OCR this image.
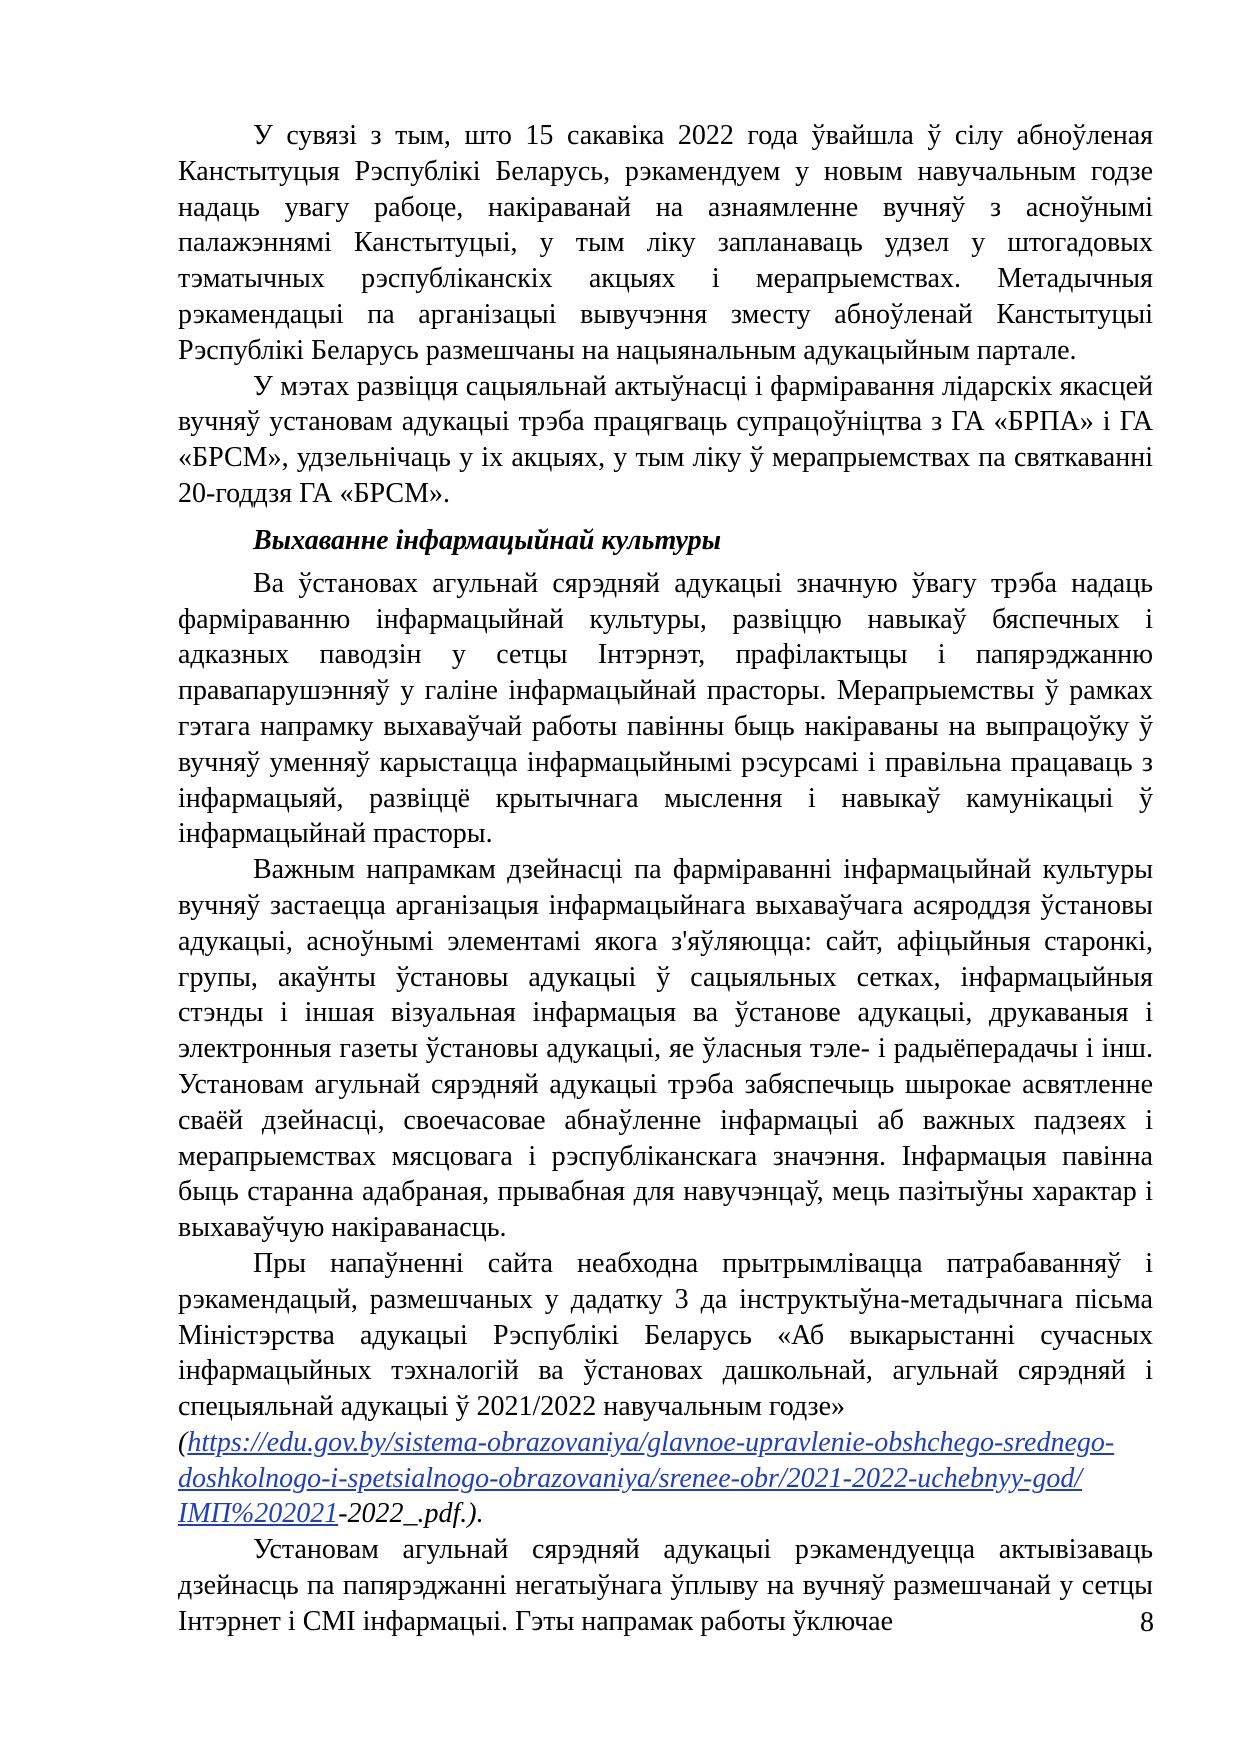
У сувязі з тым, што 15 сакавіка 2022 года ўвайшла ў сілу абноўленая Канстытуцыя Рэспублікі Беларусь, рэкамендуем у новым навучальным годзе надаць увагу рабоце, накіраванай на азнаямленне вучняў з асноўнымі палажэннямі Канстытуцыі, у тым ліку запланаваць удзел у штогадовых тэматычных рэспубліканскіх акцыях і мерапрыемствах. Метадычныя рэкамендацыі па арганізацыі вывучэння зместу абноўленай Канстытуцыі Рэспублікі Беларусь размешчаны на нацыянальным адукацыйным партале.

У мэтах развіцця сацыяльнай актыўнасці і фарміравання лідарскіх якасцей вучняў установам адукацыі трэба працягваць супрацоўніцтва з ГА «БРПА» і ГА «БРСМ», удзельнічаць у іх акцыях, у тым ліку ў мерапрыемствах па святкаванні 20-годдзя ГА «БРСМ».

Выхаванне інфармацыйнай культуры

Ва ўстановах агульнай сярэдняй адукацыі значную ўвагу трэба надаць фарміраванню інфармацыйнай культуры, развіццю навыкаў бяспечных і адказных паводзін у сетцы Інтэрнэт, прафілактыцы і папярэджанню правапарушэнняў у галіне інфармацыйнай прасторы. Мерапрыемствы ў рамках гэтага напрамку выхаваўчай работы павінны быць накіраваны на выпрацоўку ў вучняў уменняў карыстацца інфармацыйнымі рэсурсамі і правільна працаваць з інфармацыяй, развіццё крытычнага мыслення і навыкаў камунікацыі ў інфармацыйнай прасторы.

Важным напрамкам дзейнасці па фарміраванні інфармацыйнай культуры вучняў застаецца арганізацыя інфармацыйнага выхаваўчага асяроддзя ўстановы адукацыі, асноўнымі элементамі якога з'яўляюцца: сайт, афіцыйныя старонкі, групы, акаўнты ўстановы адукацыі ў сацыяльных сетках, інфармацыйныя стэнды і іншая візуальная інфармацыя ва ўстанове адукацыі, друкаваныя і электронныя газеты ўстановы адукацыі, яе ўласныя тэле- і радыёперадачы і інш. Установам агульнай сярэдняй адукацыі трэба забяспечыць шырокае асвятленне сваёй дзейнасці, своечасовае абнаўленне інфармацыі аб важных падзеях і мерапрыемствах мясцовага і рэспубліканскага значэння. Інфармацыя павінна быць старанна адабраная, прывабная для навучэнцаў, мець пазітыўны характар і выхаваўчую накіраванасць.

Пры напаўненні сайта неабходна прытрымлівацца патрабаванняў і рэкамендацый, размешчаных у дадатку 3 да інструктыўна-метадычнага пісьма Міністэрства адукацыі Рэспублікі Беларусь «Аб выкарыстанні сучасных інфармацыйных тэхналогій ва ўстановах дашкольнай, агульнай сярэдняй і спецыяльнай адукацыі ў 2021/2022 навучальным годзе»

(https://edu.gov.by/sistema-obrazovaniya/glavnoe-upravlenie-obshchego-srednego-doshkolnogo-i-spetsialnogo-obrazovaniya/srenee-obr/2021-2022-uchebnyy-god/ІМП%202021-2022_.pdf.).

Установам агульнай сярэдняй адукацыі рэкамендуецца актывізаваць дзейнасць па папярэджанні негатыўнага ўплыву на вучняў размешчанай у сетцы Інтэрнет і СМІ інфармацыі. Гэты напрамак работы ўключае	8
